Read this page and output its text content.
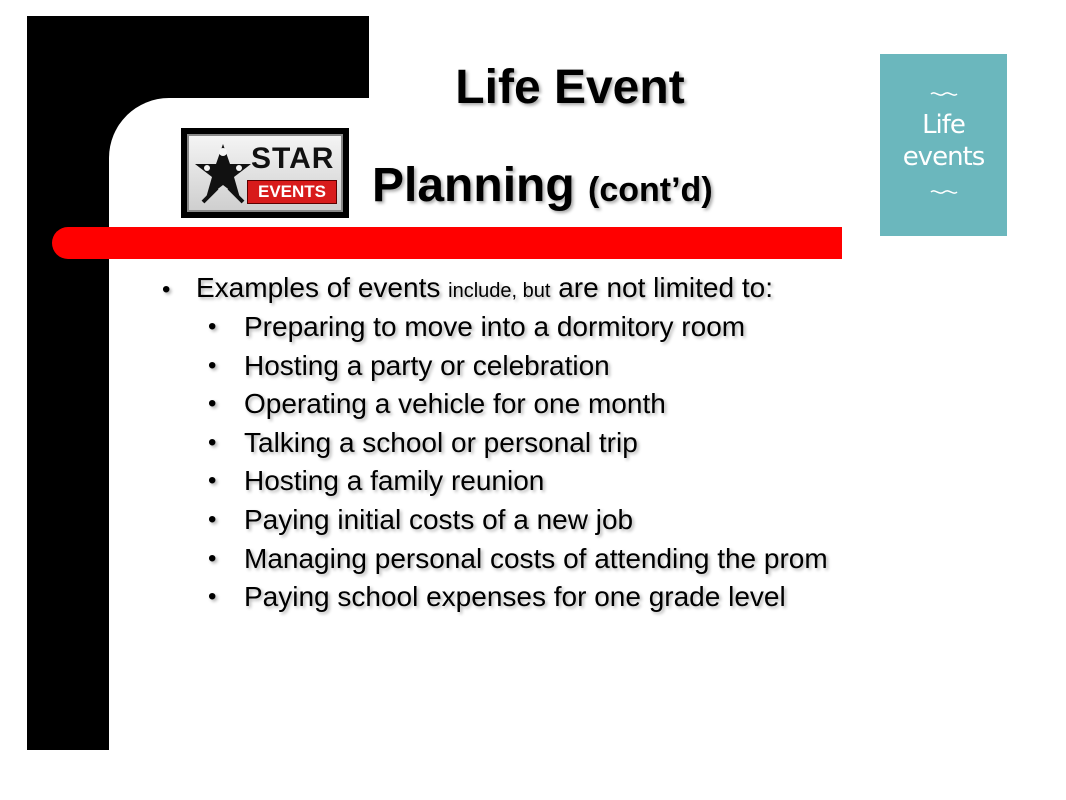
Life Event
Planning (cont’d)
STAR
EVENTS
Life
events
• Examples of events include, but are not limited to:
• Preparing to move into a dormitory room
• Hosting a party or celebration
• Operating a vehicle for one month
• Talking a school or personal trip
• Hosting a family reunion
• Paying initial costs of a new job
• Managing personal costs of attending the prom
• Paying school expenses for one grade level
